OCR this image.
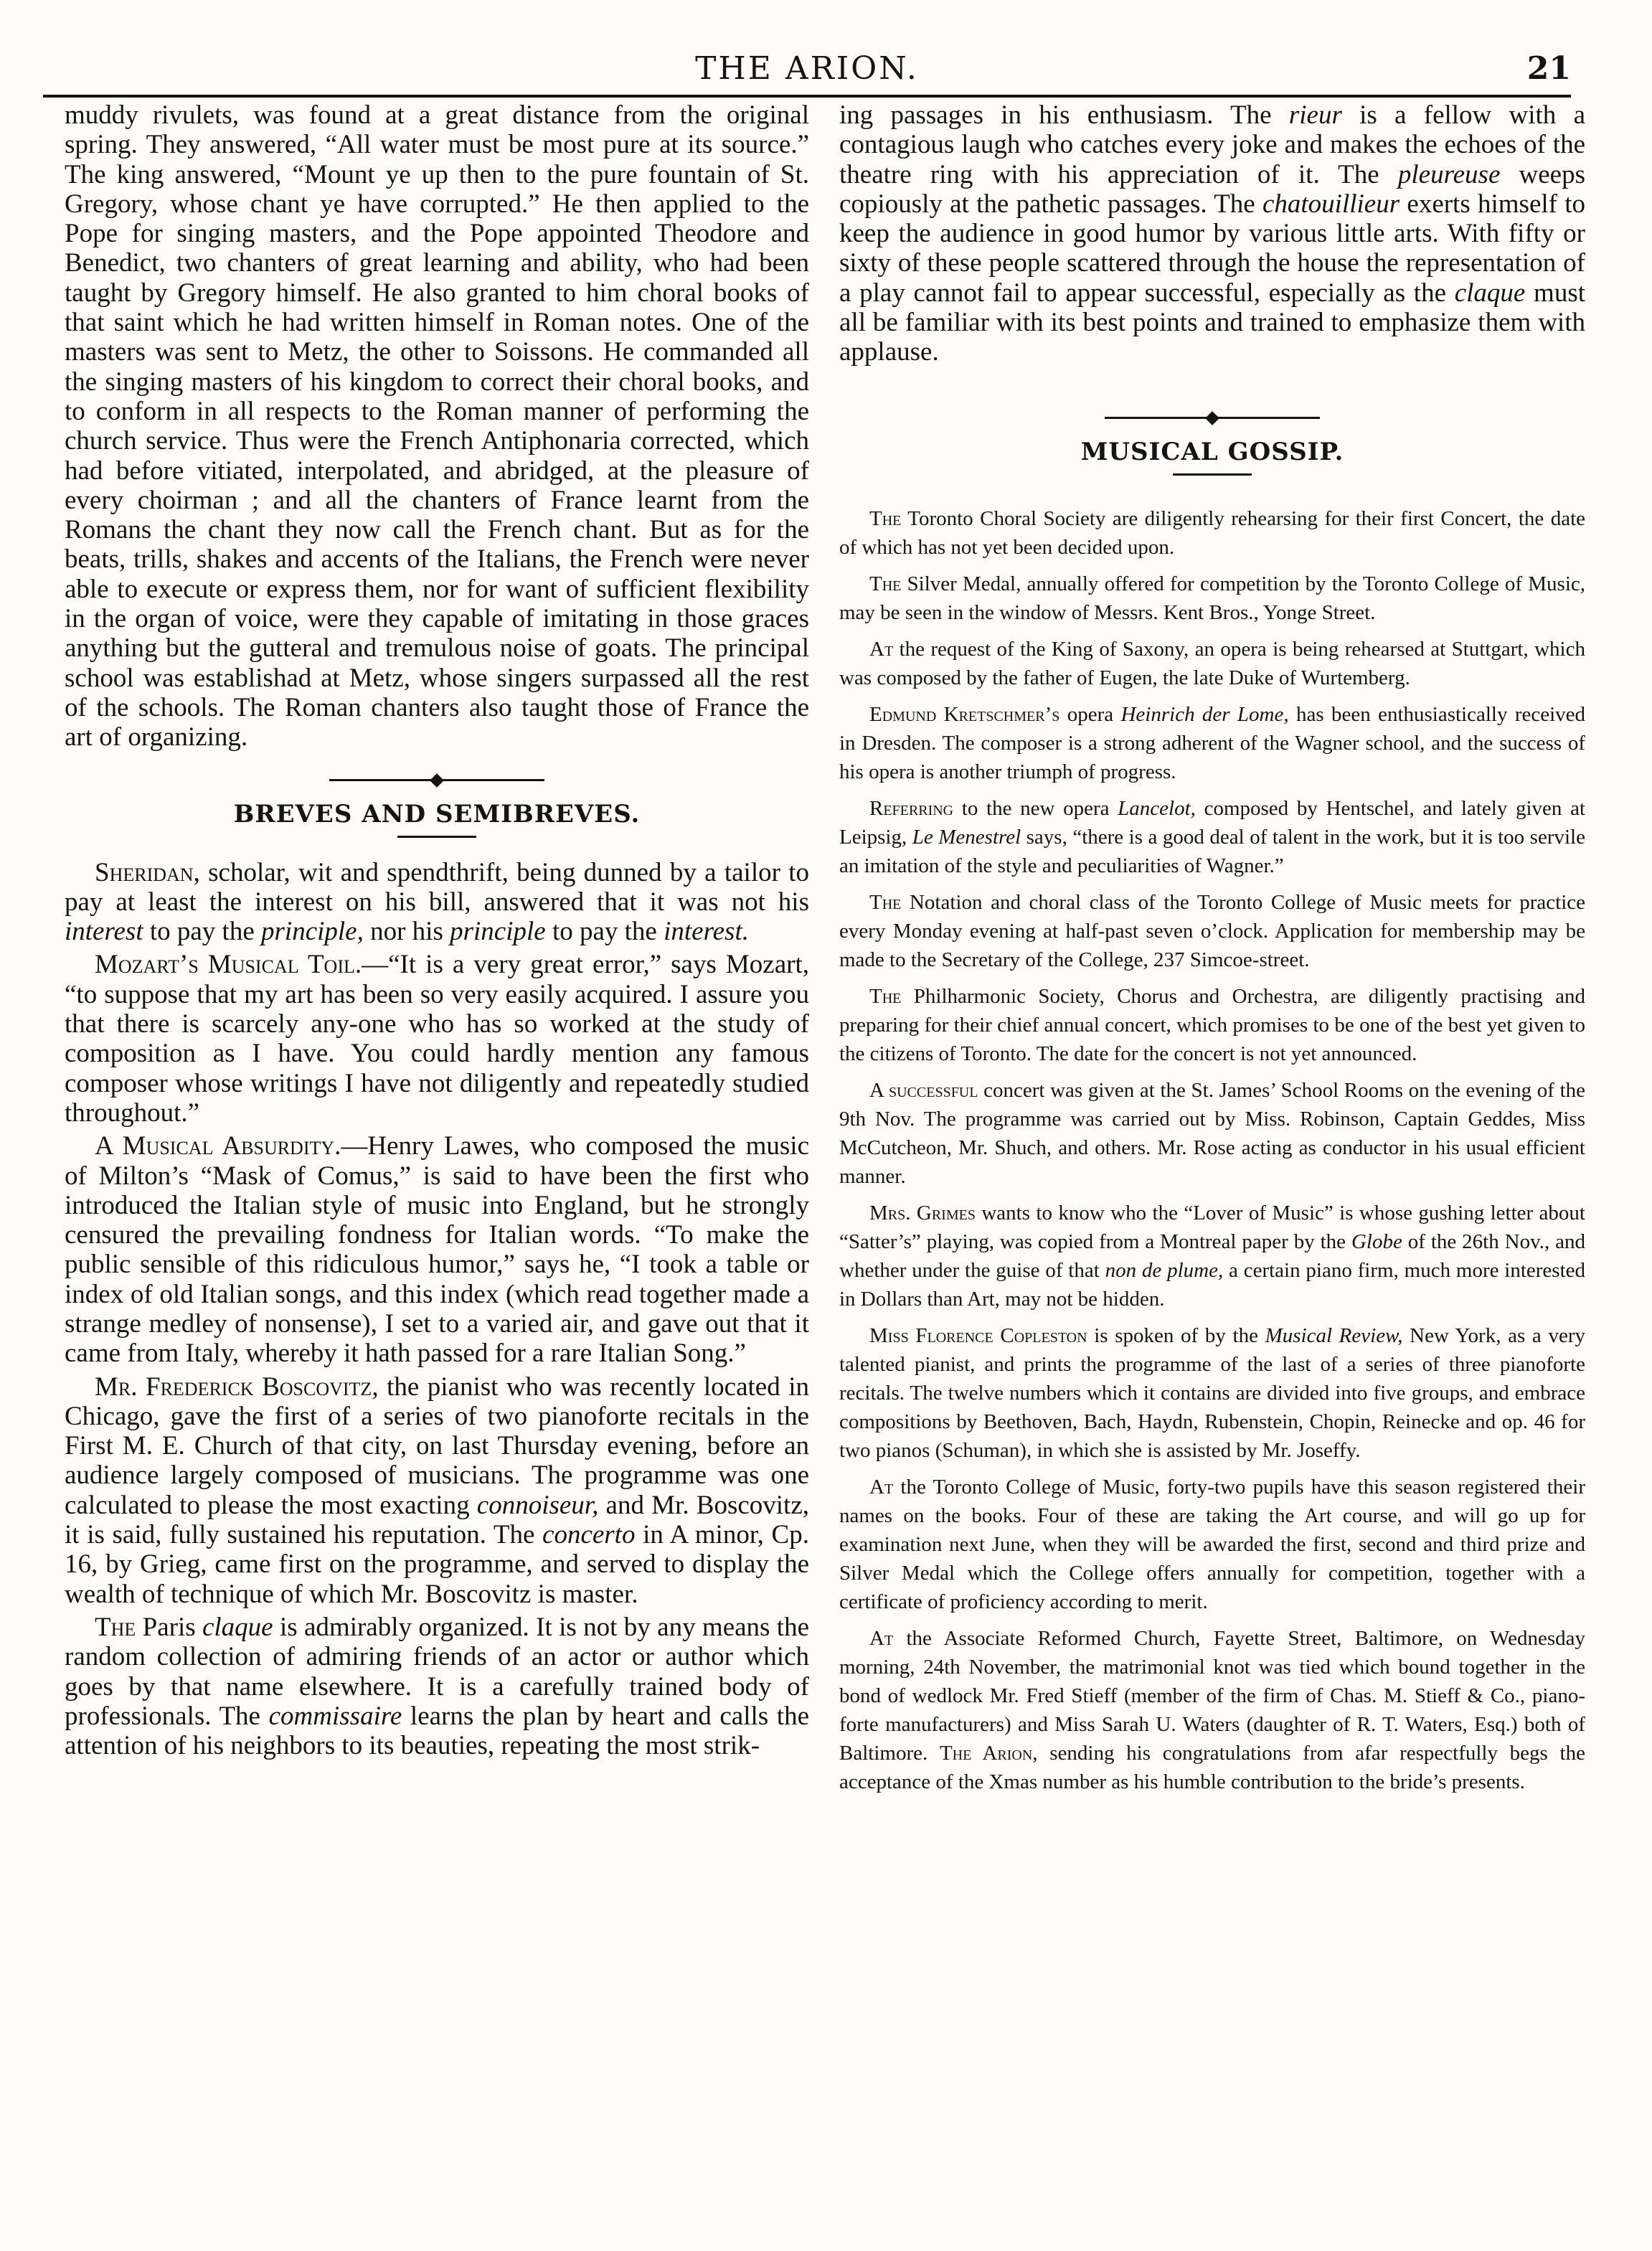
THE ARION.	21

muddy rivulets, was found at a great distance from the original spring. They answered, “All water must be most pure at its source.” The king answered, “Mount ye up then to the pure fountain of St. Gregory, whose chant ye have corrupted.” He then applied to the Pope for singing masters, and the Pope appointed Theodore and Benedict, two chanters of great learning and ability, who had been taught by Gregory himself. He also granted to him choral books of that saint which he had written himself in Roman notes. One of the masters was sent to Metz, the other to Soissons. He commanded all the singing masters of his kingdom to correct their choral books, and to conform in all respects to the Roman manner of performing the church service. Thus were the French Antiphonaria corrected, which had before vitiated, interpolated, and abridged, at the pleasure of every choirman ; and all the chanters of France learnt from the Romans the chant they now call the French chant. But as for the beats, trills, shakes and accents of the Italians, the French were never able to execute or express them, nor for want of sufficient flexibility in the organ of voice, were they capable of imitating in those graces anything but the gutteral and tremulous noise of goats. The principal school was establishad at Metz, whose singers surpassed all the rest of the schools. The Roman chanters also taught those of France the art of organizing.

BREVES AND SEMIBREVES.

Sheridan, scholar, wit and spendthrift, being dunned by a tailor to pay at least the interest on his bill, answered that it was not his interest to pay the principle, nor his principle to pay the interest.

Mozart’s Musical Toil.—“It is a very great error,” says Mozart, “to suppose that my art has been so very easily acquired. I assure you that there is scarcely any-one who has so worked at the study of composition as I have. You could hardly mention any famous composer whose writings I have not diligently and repeatedly studied throughout.”

A Musical Absurdity.—Henry Lawes, who composed the music of Milton’s “Mask of Comus,” is said to have been the first who introduced the Italian style of music into England, but he strongly censured the prevailing fondness for Italian words. “To make the public sensible of this ridiculous humor,” says he, “I took a table or index of old Italian songs, and this index (which read together made a strange medley of nonsense), I set to a varied air, and gave out that it came from Italy, whereby it hath passed for a rare Italian Song.”

Mr. Frederick Boscovitz, the pianist who was recently located in Chicago, gave the first of a series of two pianoforte recitals in the First M. E. Church of that city, on last Thursday evening, before an audience largely composed of musicians. The programme was one calculated to please the most exacting connoiseur, and Mr. Boscovitz, it is said, fully sustained his reputation. The concerto in A minor, Cp. 16, by Grieg, came first on the programme, and served to display the wealth of technique of which Mr. Boscovitz is master.

The Paris claque is admirably organized. It is not by any means the random collection of admiring friends of an actor or author which goes by that name elsewhere. It is a carefully trained body of professionals. The commissaire learns the plan by heart and calls the attention of his neighbors to its beauties, repeating the most strik-

ing passages in his enthusiasm. The rieur is a fellow with a contagious laugh who catches every joke and makes the echoes of the theatre ring with his appreciation of it. The pleureuse weeps copiously at the pathetic passages. The chatouillieur exerts himself to keep the audience in good humor by various little arts. With fifty or sixty of these people scattered through the house the representation of a play cannot fail to appear successful, especially as the claque must all be familiar with its best points and trained to emphasize them with applause.

MUSICAL GOSSIP.

The Toronto Choral Society are diligently rehearsing for their first Concert, the date of which has not yet been decided upon.

The Silver Medal, annually offered for competition by the Toronto College of Music, may be seen in the window of Messrs. Kent Bros., Yonge Street.

At the request of the King of Saxony, an opera is being rehearsed at Stuttgart, which was composed by the father of Eugen, the late Duke of Wurtemberg.

Edmund Kretschmer’s opera Heinrich der Lome, has been enthusiastically received in Dresden. The composer is a strong adherent of the Wagner school, and the success of his opera is another triumph of progress.

Referring to the new opera Lancelot, composed by Hentschel, and lately given at Leipsig, Le Menestrel says, “there is a good deal of talent in the work, but it is too servile an imitation of the style and peculiarities of Wagner.”

The Notation and choral class of the Toronto College of Music meets for practice every Monday evening at half-past seven o’clock. Application for membership may be made to the Secretary of the College, 237 Simcoe-street.

The Philharmonic Society, Chorus and Orchestra, are diligently practising and preparing for their chief annual concert, which promises to be one of the best yet given to the citizens of Toronto. The date for the concert is not yet announced.

A successful concert was given at the St. James’ School Rooms on the evening of the 9th Nov. The programme was carried out by Miss. Robinson, Captain Geddes, Miss McCutcheon, Mr. Shuch, and others. Mr. Rose acting as conductor in his usual efficient manner.

Mrs. Grimes wants to know who the “Lover of Music” is whose gushing letter about “Satter’s” playing, was copied from a Montreal paper by the Globe of the 26th Nov., and whether under the guise of that non de plume, a certain piano firm, much more interested in Dollars than Art, may not be hidden.

Miss Florence Copleston is spoken of by the Musical Review, New York, as a very talented pianist, and prints the programme of the last of a series of three pianoforte recitals. The twelve numbers which it contains are divided into five groups, and embrace compositions by Beethoven, Bach, Haydn, Rubenstein, Chopin, Reinecke and op. 46 for two pianos (Schuman), in which she is assisted by Mr. Joseffy.

At the Toronto College of Music, forty-two pupils have this season registered their names on the books. Four of these are taking the Art course, and will go up for examination next June, when they will be awarded the first, second and third prize and Silver Medal which the College offers annually for competition, together with a certificate of proficiency according to merit.

At the Associate Reformed Church, Fayette Street, Baltimore, on Wednesday morning, 24th November, the matrimonial knot was tied which bound together in the bond of wedlock Mr. Fred Stieff (member of the firm of Chas. M. Stieff & Co., piano-forte manufacturers) and Miss Sarah U. Waters (daughter of R. T. Waters, Esq.) both of Baltimore. The Arion, sending his congratulations from afar respectfully begs the acceptance of the Xmas number as his humble contribution to the bride’s presents.
